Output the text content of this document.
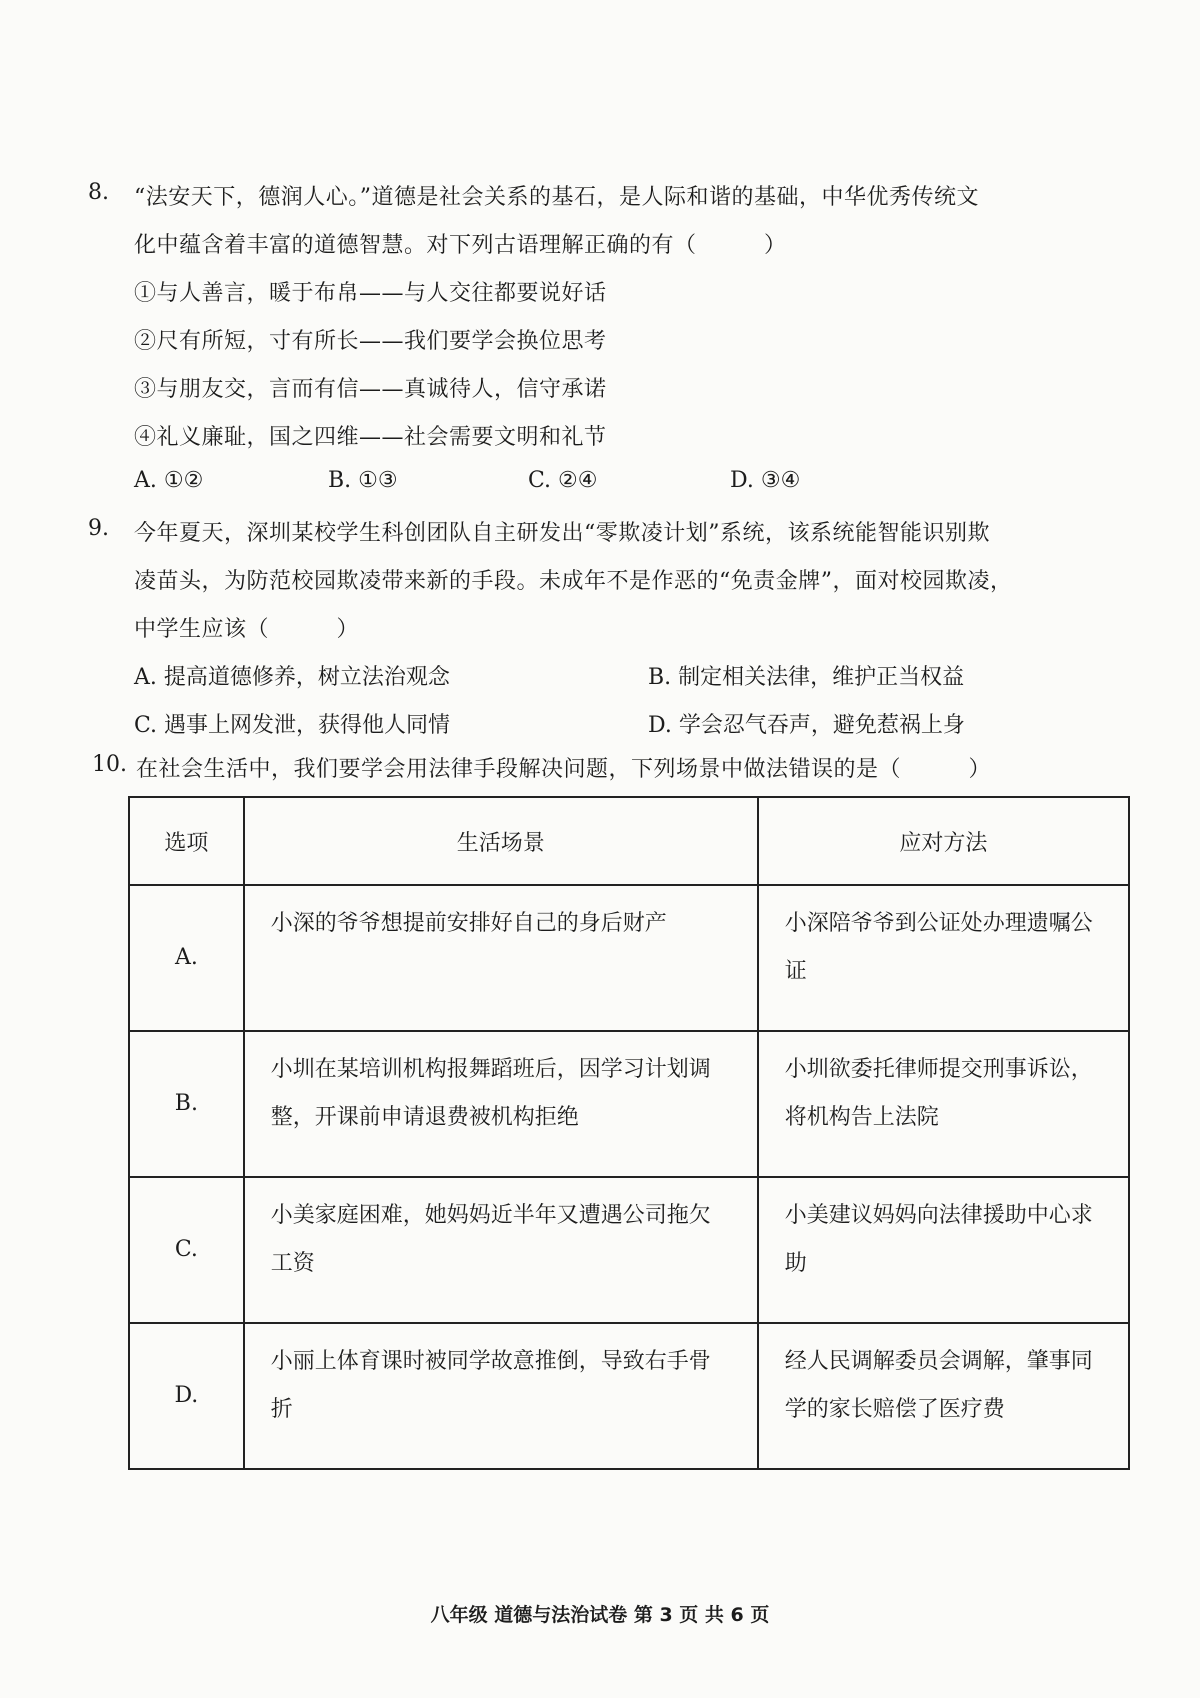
8. “法安天下，德润人心。”道德是社会关系的基石，是人际和谐的基础，中华优秀传统文
化中蕴含着丰富的道德智慧。对下列古语理解正确的有（　　　）
①与人善言，暖于布帛——与人交往都要说好话
②尺有所短，寸有所长——我们要学会换位思考
③与朋友交，言而有信——真诚待人，信守承诺
④礼义廉耻，国之四维——社会需要文明和礼节
A. ①②	B. ①③	C. ②④	D. ③④
9. 今年夏天，深圳某校学生科创团队自主研发出“零欺凌计划”系统，该系统能智能识别欺
凌苗头，为防范校园欺凌带来新的手段。未成年不是作恶的“免责金牌”，面对校园欺凌，
中学生应该（　　　）
A. 提高道德修养，树立法治观念	B. 制定相关法律，维护正当权益
C. 遇事上网发泄，获得他人同情	D. 学会忍气吞声，避免惹祸上身
10. 在社会生活中，我们要学会用法律手段解决问题，下列场景中做法错误的是（　　　）
选项	生活场景	应对方法
A.	小深的爷爷想提前安排好自己的身后财产	小深陪爷爷到公证处办理遗嘱公证
B.	小圳在某培训机构报舞蹈班后，因学习计划调整，开课前申请退费被机构拒绝	小圳欲委托律师提交刑事诉讼，将机构告上法院
C.	小美家庭困难，她妈妈近半年又遭遇公司拖欠工资	小美建议妈妈向法律援助中心求助
D.	小丽上体育课时被同学故意推倒，导致右手骨折	经人民调解委员会调解，肇事同学的家长赔偿了医疗费
八年级 道德与法治试卷 第 3 页 共 6 页
